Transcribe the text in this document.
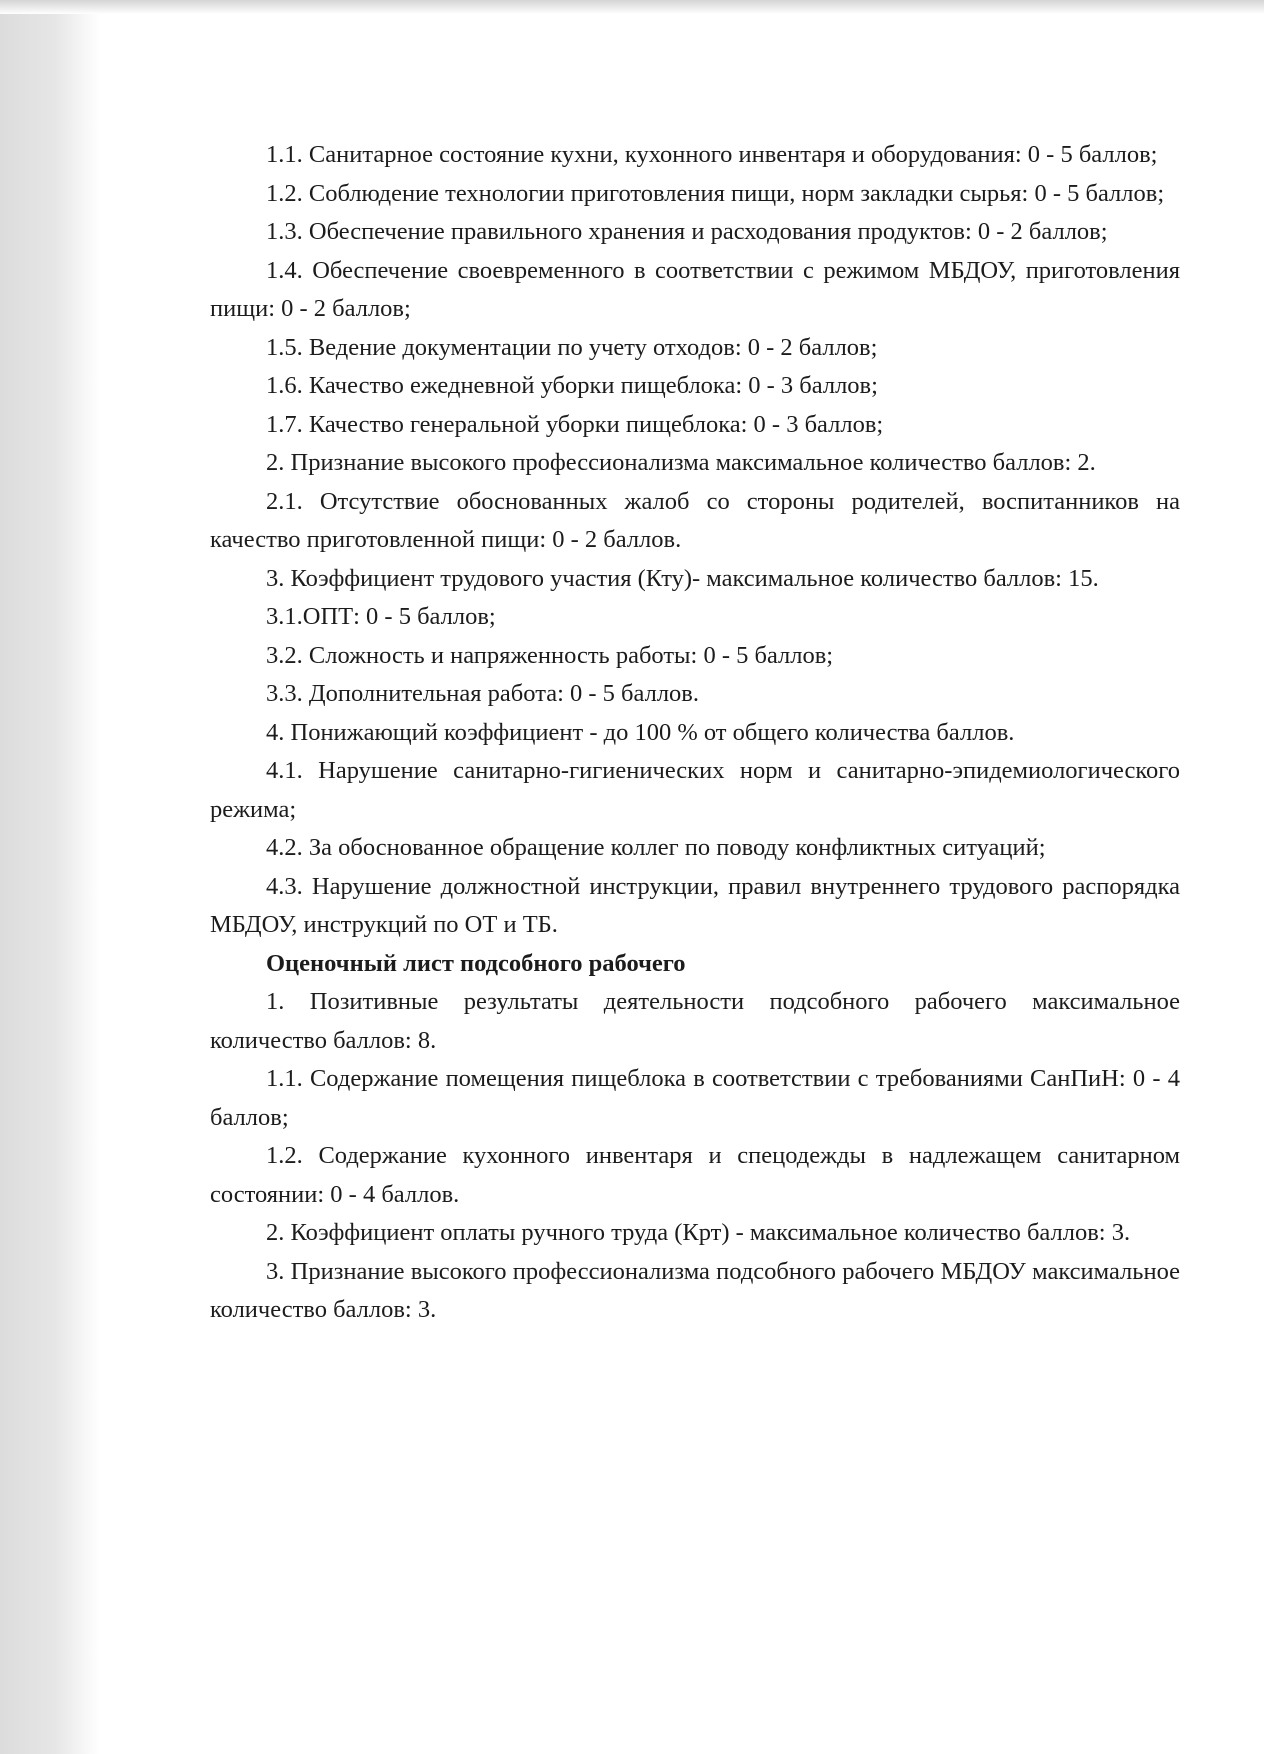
1.1. Санитарное состояние кухни, кухонного инвентаря и оборудования: 0 - 5 баллов;

1.2. Соблюдение технологии приготовления пищи, норм закладки сырья: 0 - 5 баллов;

1.3. Обеспечение правильного хранения и расходования продуктов: 0 - 2 баллов;

1.4. Обеспечение своевременного в соответствии с режимом МБДОУ, приготовления пищи: 0 - 2 баллов;

1.5. Ведение документации по учету отходов: 0 - 2 баллов;

1.6. Качество ежедневной уборки пищеблока: 0 - 3 баллов;

1.7. Качество генеральной уборки пищеблока: 0 - 3 баллов;

2. Признание высокого профессионализма максимальное количество баллов: 2.

2.1. Отсутствие обоснованных жалоб со стороны родителей, воспитанников на качество приготовленной пищи: 0 - 2 баллов.

3. Коэффициент трудового участия (Кту)- максимальное количество баллов: 15.

3.1.ОПТ: 0 - 5 баллов;

3.2. Сложность и напряженность работы: 0 - 5 баллов;

3.3. Дополнительная работа: 0 - 5 баллов.

4. Понижающий коэффициент - до 100 % от общего количества баллов.

4.1. Нарушение санитарно-гигиенических норм и санитарно-эпидемиологического режима;

4.2. За обоснованное обращение коллег по поводу конфликтных ситуаций;

4.3. Нарушение должностной инструкции, правил внутреннего трудового распорядка МБДОУ, инструкций по ОТ и ТБ.

Оценочный лист подсобного рабочего

1. Позитивные результаты деятельности подсобного рабочего максимальное количество баллов: 8.

1.1. Содержание помещения пищеблока в соответствии с требованиями СанПиН: 0 - 4 баллов;

1.2. Содержание кухонного инвентаря и спецодежды в надлежащем санитарном состоянии: 0 - 4 баллов.

2. Коэффициент оплаты ручного труда (Крт) - максимальное количество баллов: 3.

3. Признание высокого профессионализма подсобного рабочего МБДОУ максимальное количество баллов: 3.
